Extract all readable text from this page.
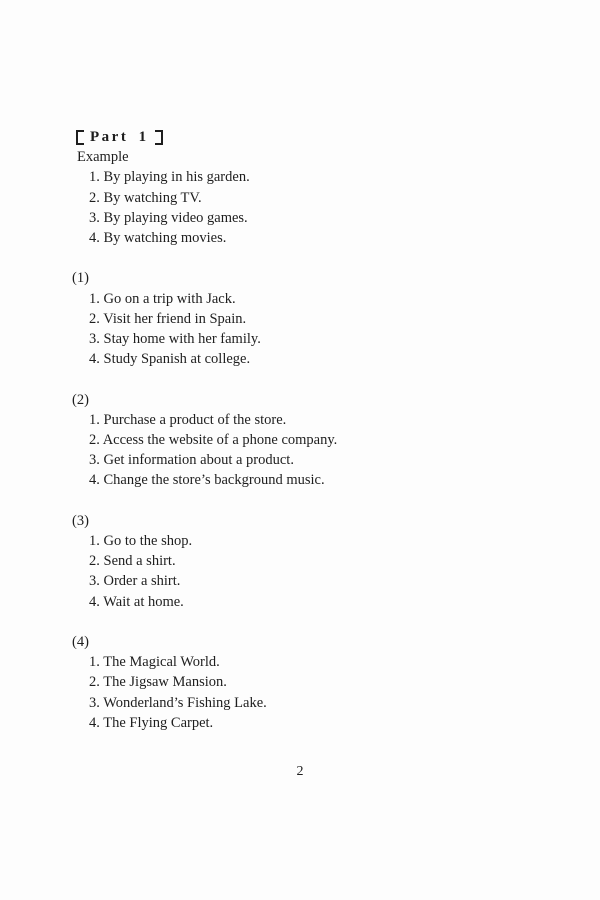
Part 1
Example
1. By playing in his garden.
2. By watching TV.
3. By playing video games.
4. By watching movies.
(1)
1. Go on a trip with Jack.
2. Visit her friend in Spain.
3. Stay home with her family.
4. Study Spanish at college.
(2)
1. Purchase a product of the store.
2. Access the website of a phone company.
3. Get information about a product.
4. Change the store’s background music.
(3)
1. Go to the shop.
2. Send a shirt.
3. Order a shirt.
4. Wait at home.
(4)
1. The Magical World.
2. The Jigsaw Mansion.
3. Wonderland’s Fishing Lake.
4. The Flying Carpet.
2
